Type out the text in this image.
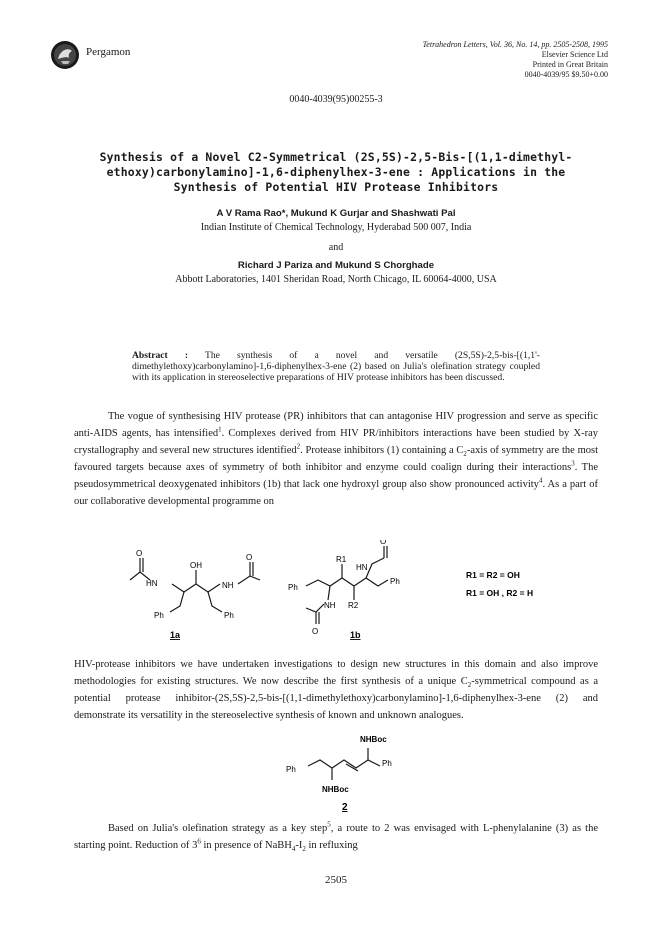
Pergamon
Tetrahedron Letters, Vol. 36, No. 14, pp. 2505-2508, 1995
Elsevier Science Ltd
Printed in Great Britain
0040-4039/95 $9.50+0.00
0040-4039(95)00255-3
Synthesis of a Novel C2-Symmetrical (2S,5S)-2,5-Bis-[(1,1-dimethyl-
ethoxy)carbonylamino]-1,6-diphenylhex-3-ene : Applications in the
Synthesis of Potential HIV Protease Inhibitors
A V Rama Rao*, Mukund K Gurjar and Shashwati Pal
Indian Institute of Chemical Technology, Hyderabad 500 007, India
and
Richard J Pariza and Mukund S Chorghade
Abbott Laboratories, 1401 Sheridan Road, North Chicago, IL 60064-4000, USA
Abstract : The synthesis of a novel and versatile (2S,5S)-2,5-bis-[(1,1'-dimethylethoxy)carbonylamino]-1,6-diphenylhex-3-ene (2) based on Julia's olefination strategy coupled with its application in stereoselective preparations of HIV protease inhibitors has been discussed.
The vogue of synthesising HIV protease (PR) inhibitors that can antagonise HIV progression and serve as specific anti-AIDS agents, has intensified$^1$. Complexes derived from HIV PR/inhibitors interactions have been studied by X-ray crystallography and several new structures identified$^2$. Protease inhibitors (1) containing a $C_2$-axis of symmetry are the most favoured targets because axes of symmetry of both inhibitor and enzyme could coalign during their interactions$^3$. The pseudosymmetrical deoxygenated inhibitors (1b) that lack one hydroxyl group also show pronounced activity$^4$. As a part of our collaborative developmental programme on
O
HN
OH
NH
O
Ph	Ph
1a
R1
HN
O
Ph
Ph
NH R2
O	1b
R1 = R2 = OH
R1 = OH , R2 = H
HIV-protease inhibitors we have undertaken investigations to design new structures in this domain and also improve methodologies for existing structures. We now describe the first synthesis of a unique $C_2$-symmetrical compound as a potential protease inhibitor-(2S,5S)-2,5-bis-[(1,1-dimethylethoxy)carbonylamino]-1,6-diphenylhex-3-ene (2) and demonstrate its versatility in the stereoselective synthesis of known and unknown analogues.
NHBoc
Ph
Ph
NHBoc
2
Based on Julia's olefination strategy as a key step$^5$, a route to 2 was envisaged with L-phenylalanine (3) as the starting point. Reduction of $3^6$ in presence of $NaBH_4-I_2$ in refluxing
2505
